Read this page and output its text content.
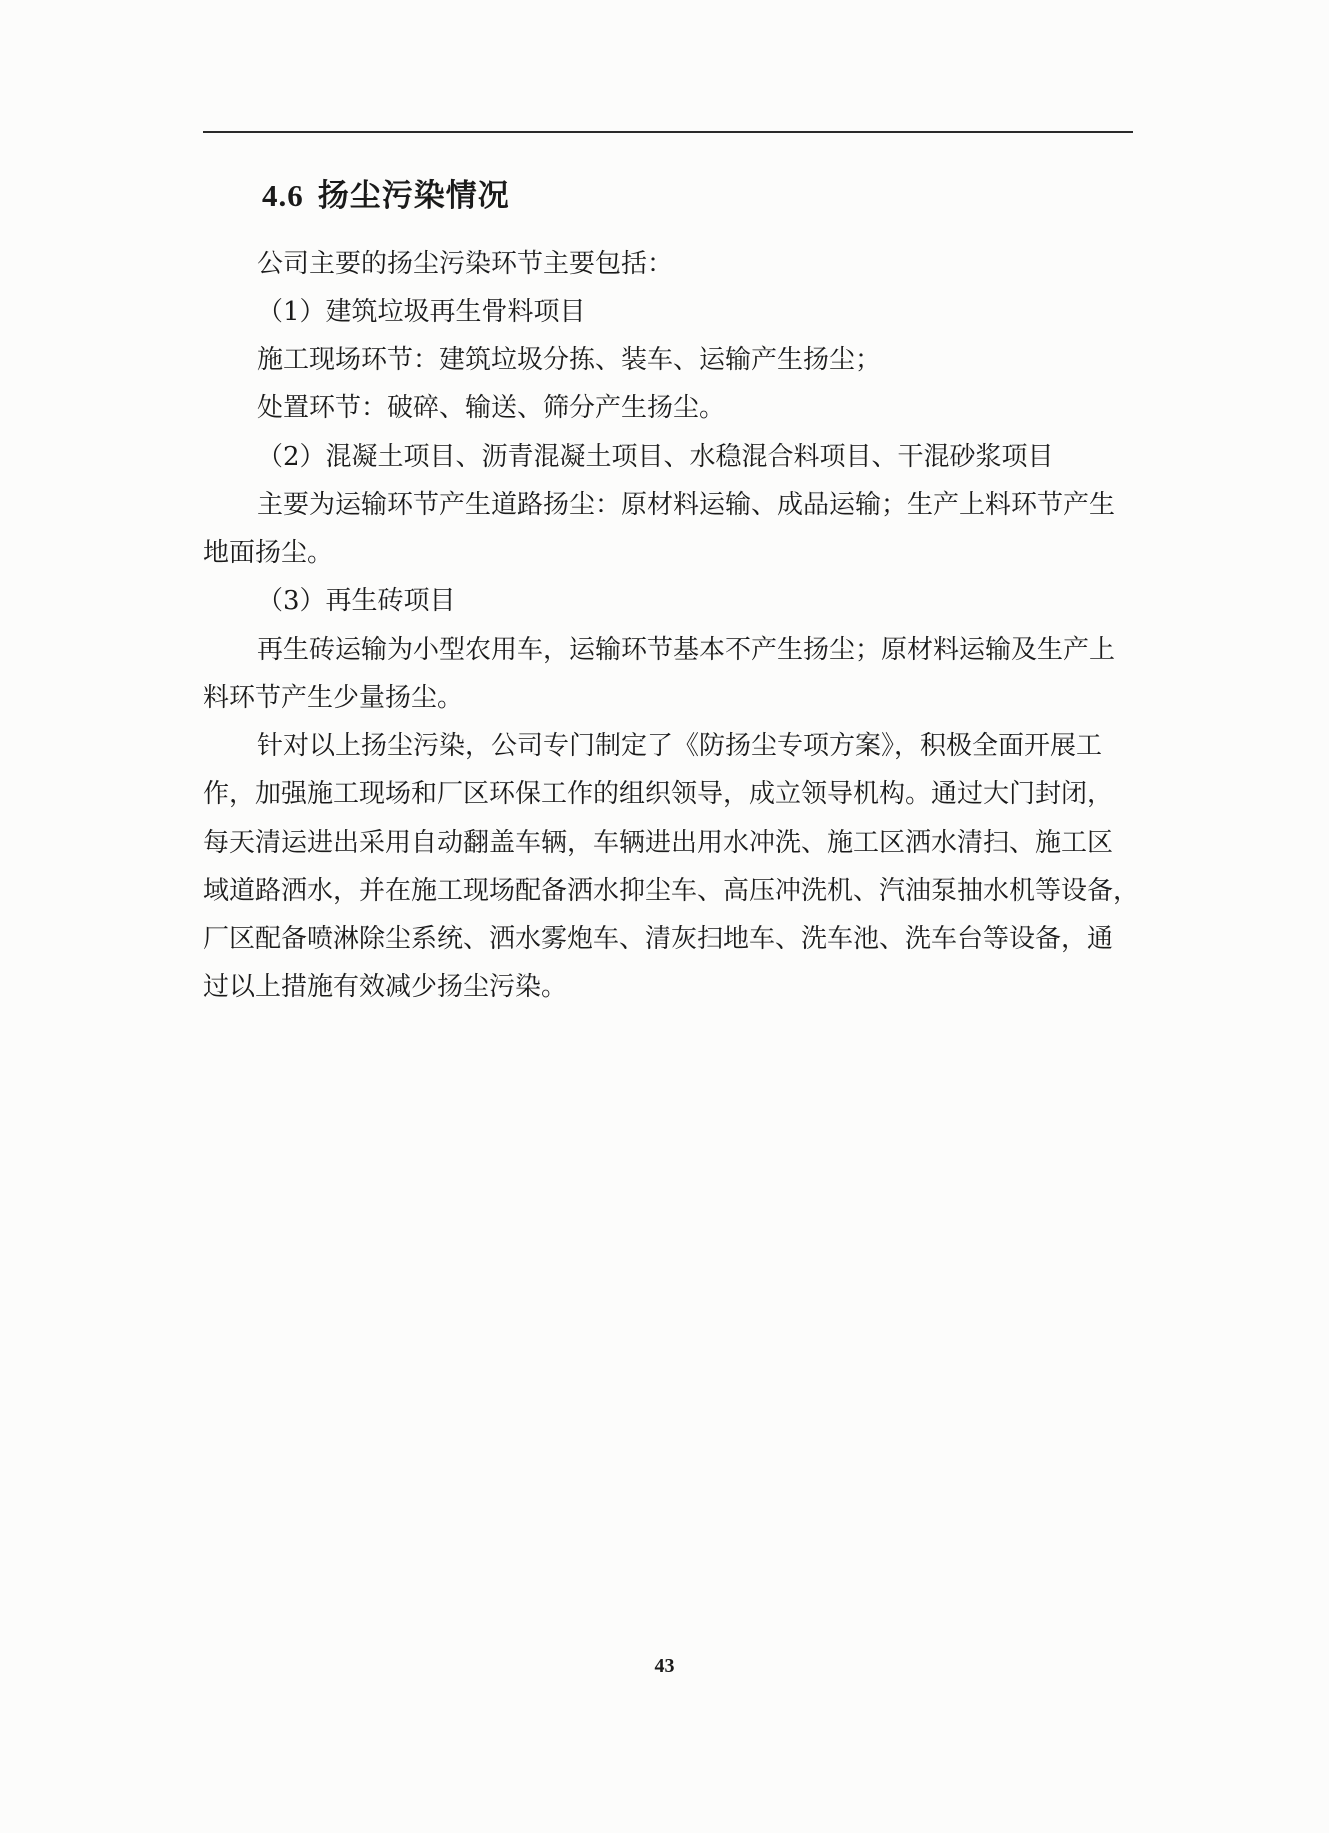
4.6 扬尘污染情况
公司主要的扬尘污染环节主要包括：
（1）建筑垃圾再生骨料项目
施工现场环节：建筑垃圾分拣、装车、运输产生扬尘；
处置环节：破碎、输送、筛分产生扬尘。
（2）混凝土项目、沥青混凝土项目、水稳混合料项目、干混砂浆项目
主要为运输环节产生道路扬尘：原材料运输、成品运输；生产上料环节产生
地面扬尘。
（3）再生砖项目
再生砖运输为小型农用车，运输环节基本不产生扬尘；原材料运输及生产上
料环节产生少量扬尘。
针对以上扬尘污染，公司专门制定了《防扬尘专项方案》，积极全面开展工
作，加强施工现场和厂区环保工作的组织领导，成立领导机构。通过大门封闭，
每天清运进出采用自动翻盖车辆，车辆进出用水冲洗、施工区洒水清扫、施工区
域道路洒水，并在施工现场配备洒水抑尘车、高压冲洗机、汽油泵抽水机等设备，
厂区配备喷淋除尘系统、洒水雾炮车、清灰扫地车、洗车池、洗车台等设备，通
过以上措施有效减少扬尘污染。
43
